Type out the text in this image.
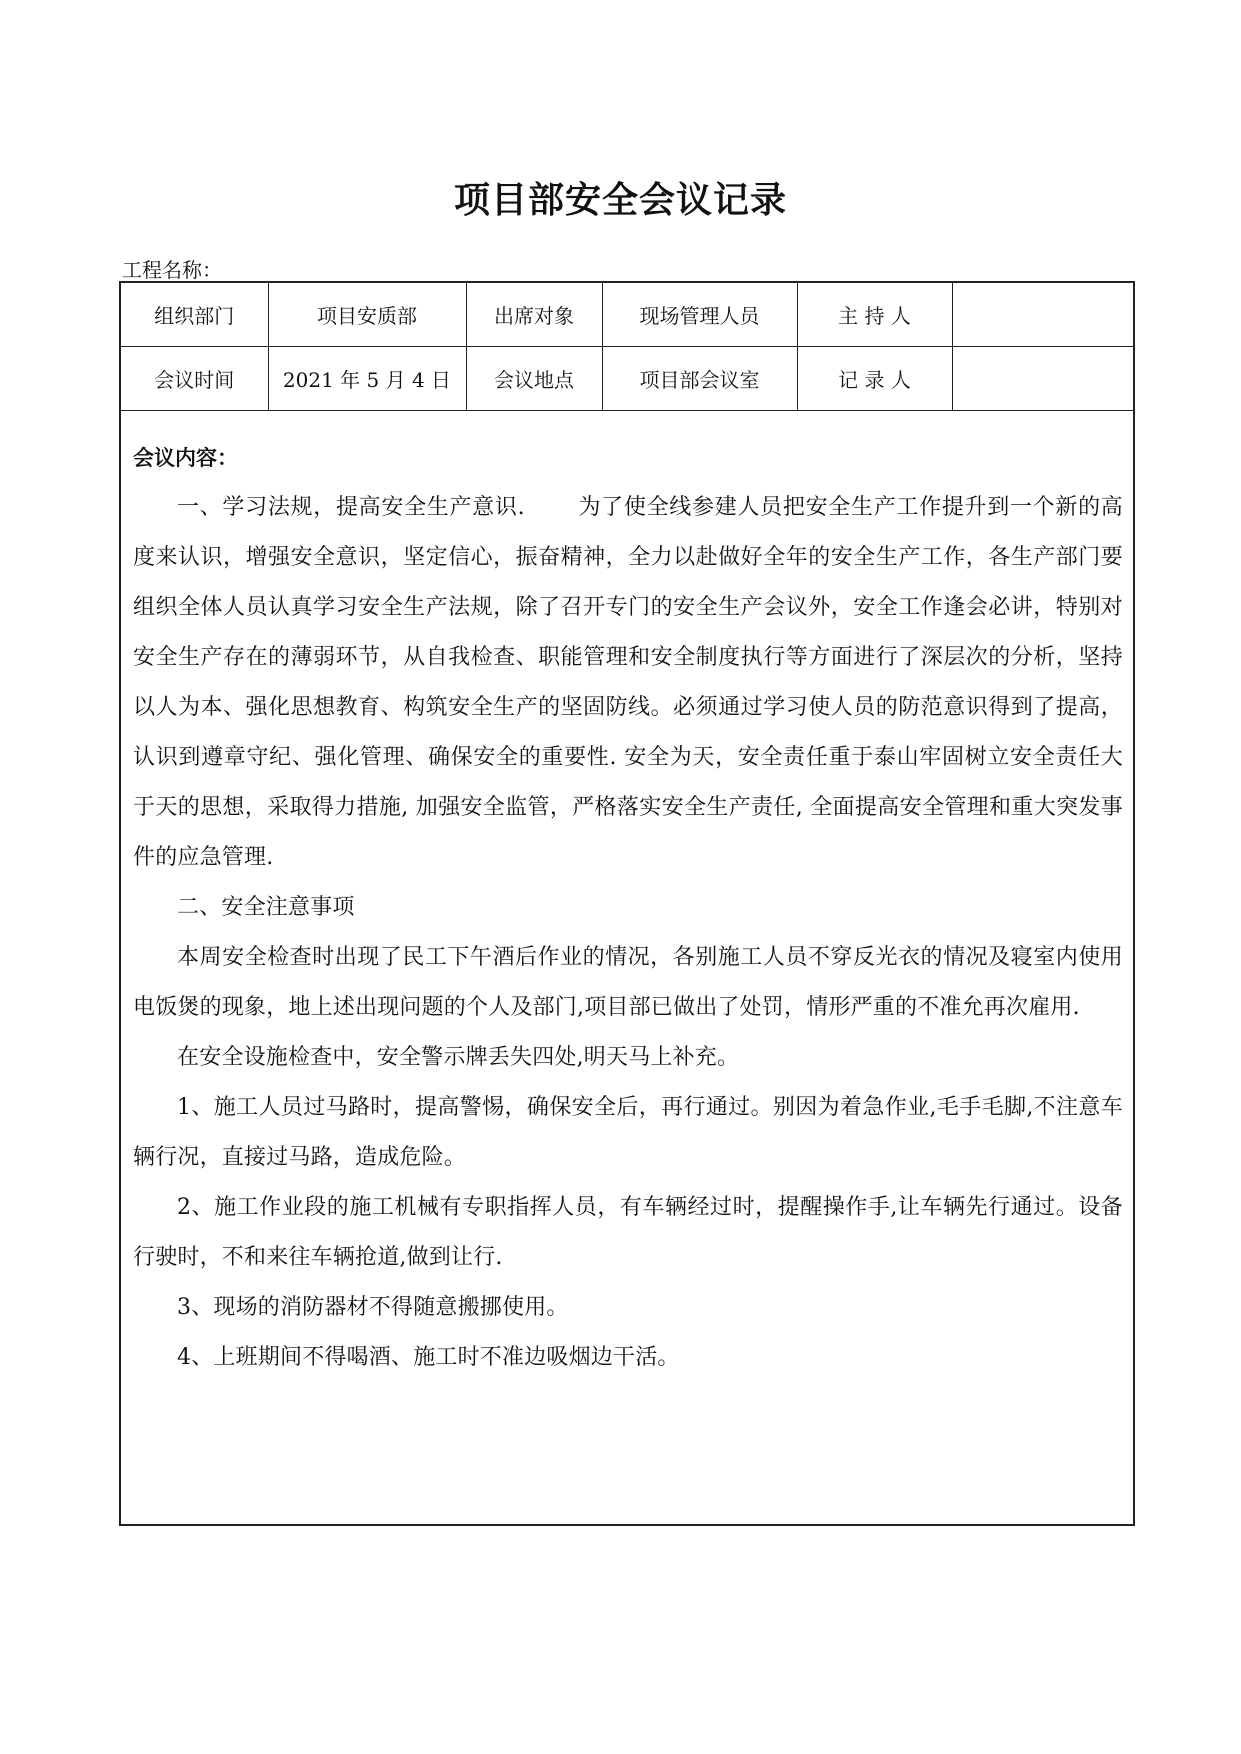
项目部安全会议记录
工程名称：
组织部门	项目安质部	出席对象	现场管理人员	主 持 人	
会议时间	2021 年 5 月 4 日	会议地点	项目部会议室	记 录 人	
会议内容：

一、学习法规，提高安全生产意识.　　 为了使全线参建人员把安全生产工作提升到一个新的高度来认识，增强安全意识，坚定信心，振奋精神，全力以赴做好全年的安全生产工作，各生产部门要组织全体人员认真学习安全生产法规，除了召开专门的安全生产会议外，安全工作逢会必讲，特别对安全生产存在的薄弱环节，从自我检查、职能管理和安全制度执行等方面进行了深层次的分析，坚持以人为本、强化思想教育、构筑安全生产的坚固防线。必须通过学习使人员的防范意识得到了提高，认识到遵章守纪、强化管理、确保安全的重要性. 安全为天，安全责任重于泰山牢固树立安全责任大于天的思想，采取得力措施, 加强安全监管，严格落实安全生产责任, 全面提高安全管理和重大突发事件的应急管理.

二、安全注意事项

本周安全检查时出现了民工下午酒后作业的情况，各别施工人员不穿反光衣的情况及寝室内使用电饭煲的现象，地上述出现问题的个人及部门,项目部已做出了处罚，情形严重的不准允再次雇用.

在安全设施检查中，安全警示牌丢失四处,明天马上补充。

1、施工人员过马路时，提高警惕，确保安全后，再行通过。别因为着急作业,毛手毛脚,不注意车辆行况，直接过马路，造成危险。

2、施工作业段的施工机械有专职指挥人员，有车辆经过时，提醒操作手,让车辆先行通过。设备行驶时，不和来往车辆抢道,做到让行.

3、现场的消防器材不得随意搬挪使用。

4、上班期间不得喝酒、施工时不准边吸烟边干活。
